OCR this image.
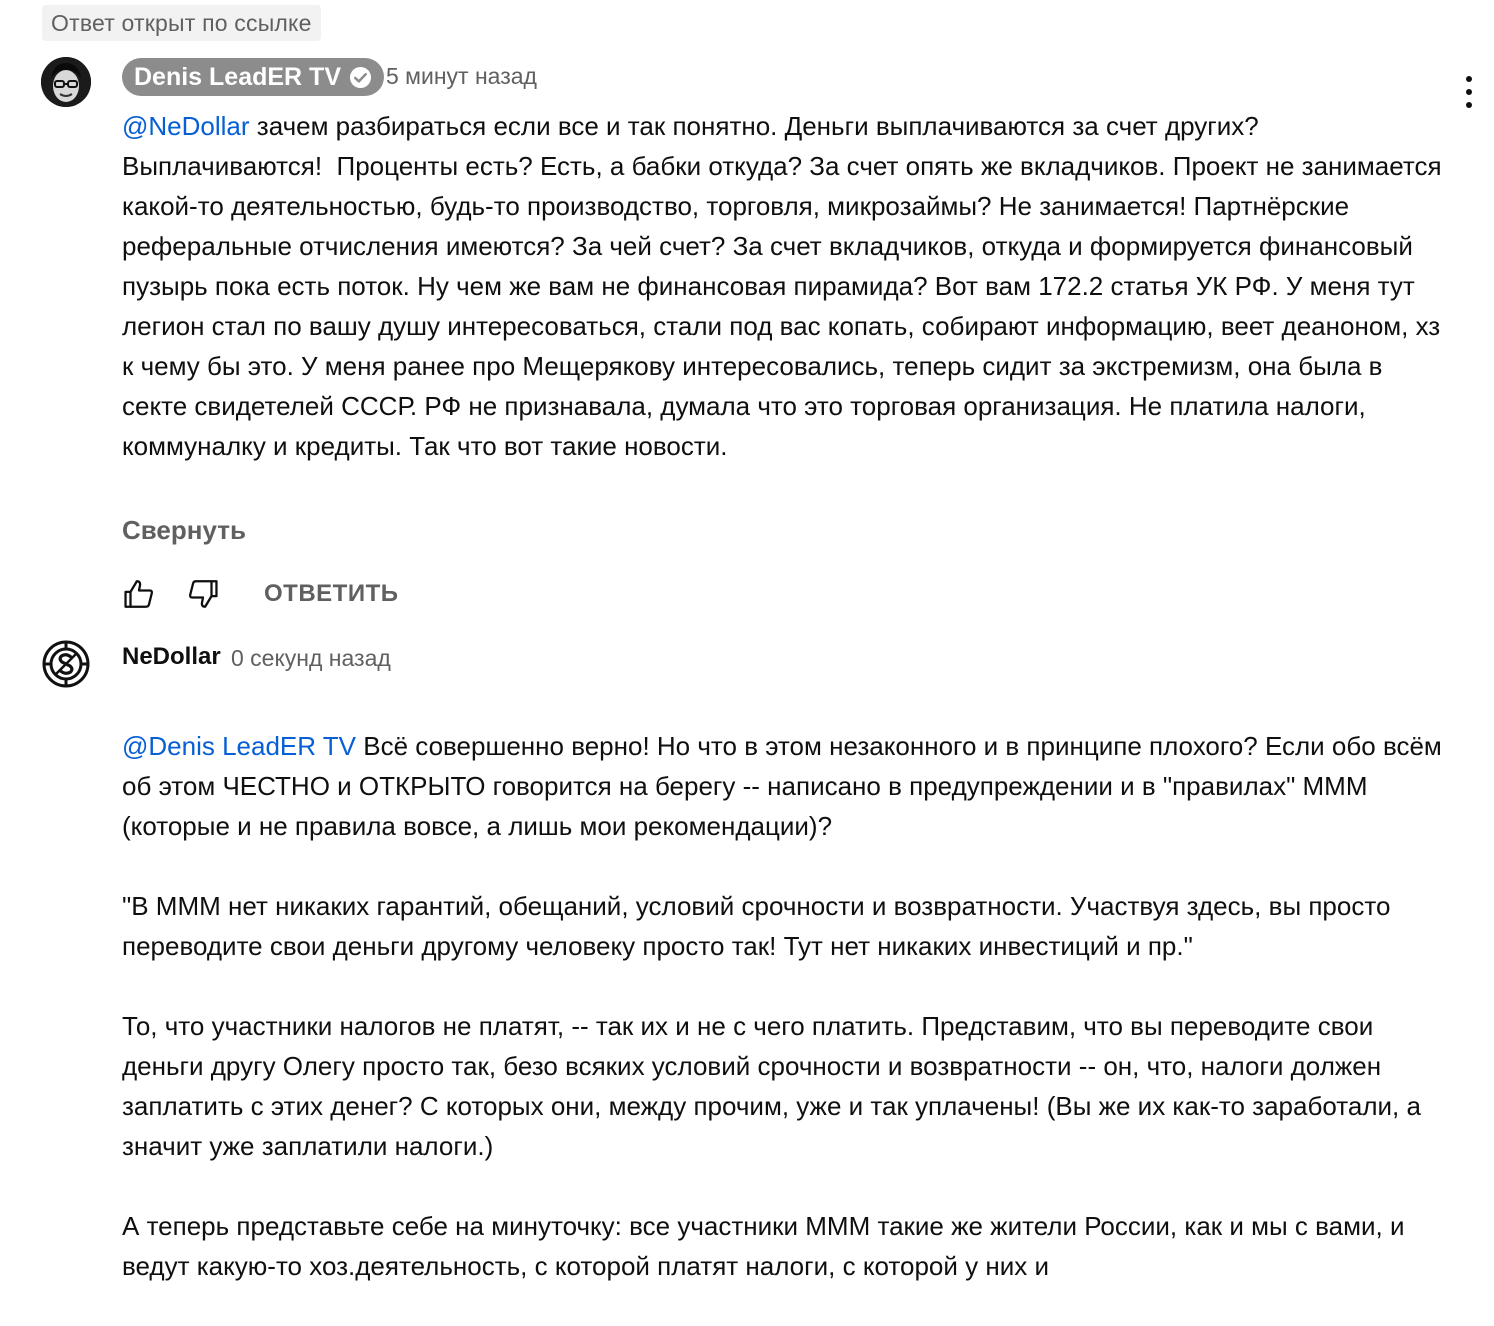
Ответ открыт по ссылке
Denis LeadER TV 5 минут назад
@NeDollar зачем разбираться если все и так понятно. Деньги выплачиваются за счет других? Выплачиваются!  Проценты есть? Есть, а бабки откуда? За счет опять же вкладчиков. Проект не занимается какой-то деятельностью, будь-то производство, торговля, микрозаймы? Не занимается! Партнёрские реферальные отчисления имеются? За чей счет? За счет вкладчиков, откуда и формируется финансовый пузырь пока есть поток. Ну чем же вам не финансовая пирамида? Вот вам 172.2 статья УК РФ. У меня тут легион стал по вашу душу интересоваться, стали под вас копать, собирают информацию, веет деаноном, хз к чему бы это. У меня ранее про Мещерякову интересовались, теперь сидит за экстремизм, она была в секте свидетелей СССР. РФ не признавала, думала что это торговая организация. Не платила налоги, коммуналку и кредиты. Так что вот такие новости.
Свернуть
ОТВЕТИТЬ
NeDollar 0 секунд назад

@Denis LeadER TV Всё совершенно верно! Но что в этом незаконного и в принципе плохого? Если обо всём об этом ЧЕСТНО и ОТКРЫТО говорится на берегу -- написано в предупреждении и в "правилах" МММ (которые и не правила вовсе, а лишь мои рекомендации)?

"В МММ нет никаких гарантий, обещаний, условий срочности и возвратности. Участвуя здесь, вы просто переводите свои деньги другому человеку просто так! Тут нет никаких инвестиций и пр."

То, что участники налогов не платят, -- так их и не с чего платить. Представим, что вы переводите свои деньги другу Олегу просто так, безо всяких условий срочности и возвратности -- он, что, налоги должен заплатить с этих денег? С которых они, между прочим, уже и так уплачены! (Вы же их как-то заработали, а значит уже заплатили налоги.)

А теперь представьте себе на минуточку: все участники МММ такие же жители России, как и мы с вами, и ведут какую-то хоз.деятельность, с которой платят налоги, с которой у них и
